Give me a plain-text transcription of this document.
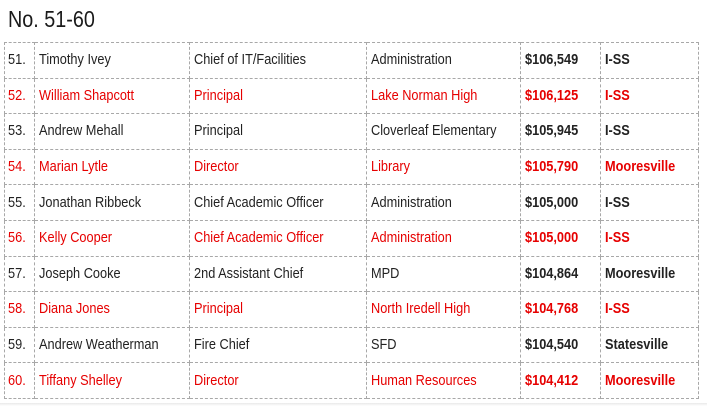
No. 51-60
51.	Timothy Ivey	Chief of IT/Facilities	Administration	$106,549	I-SS
52.	William Shapcott	Principal	Lake Norman High	$106,125	I-SS
53.	Andrew Mehall	Principal	Cloverleaf Elementary	$105,945	I-SS
54.	Marian Lytle	Director	Library	$105,790	Mooresville
55.	Jonathan Ribbeck	Chief Academic Officer	Administration	$105,000	I-SS
56.	Kelly Cooper	Chief Academic Officer	Administration	$105,000	I-SS
57.	Joseph Cooke	2nd Assistant Chief	MPD	$104,864	Mooresville
58.	Diana Jones	Principal	North Iredell High	$104,768	I-SS
59.	Andrew Weatherman	Fire Chief	SFD	$104,540	Statesville
60.	Tiffany Shelley	Director	Human Resources	$104,412	Mooresville
